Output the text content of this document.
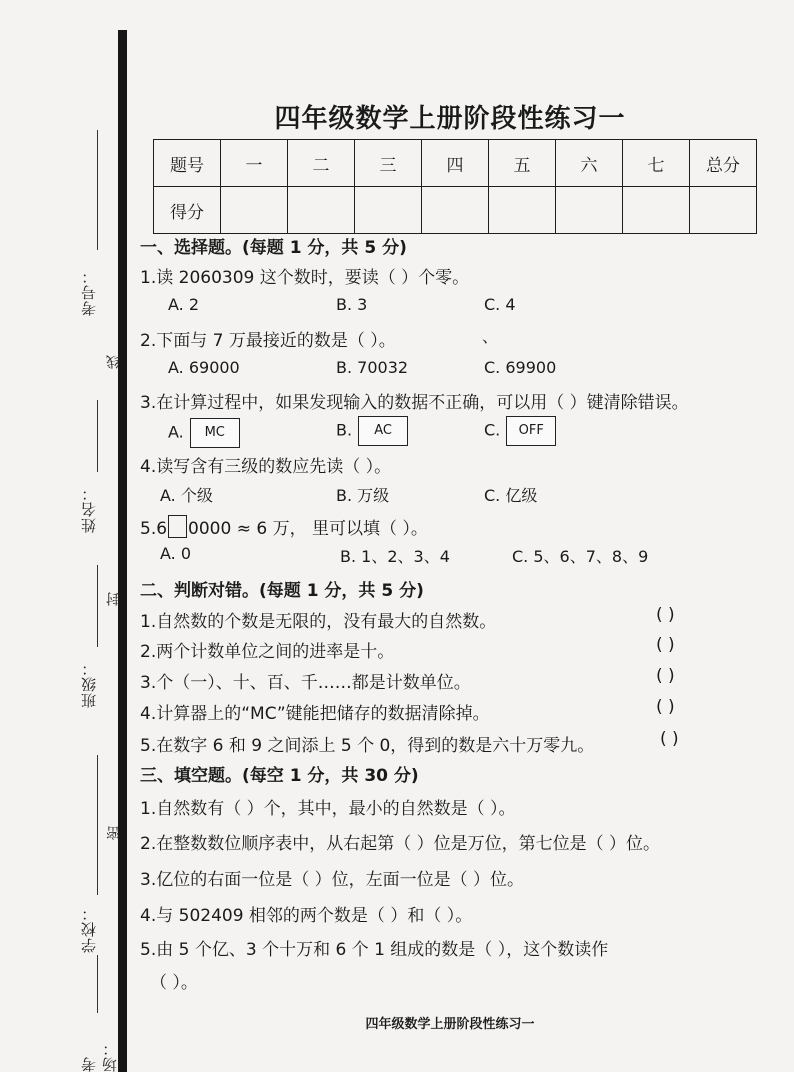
考号：
线
姓名：
封
班级：
密
学校：
考场：
四年级数学上册阶段性练习一
题号	一	二	三	四	五	六	七	总分
得分								
一、选择题。(每题 1 分，共 5 分)
1.读 2060309 这个数时，要读（ ）个零。
A. 2	B. 3	C. 4
2.下面与 7 万最接近的数是（ ）。	、
A. 69000	B. 70032	C. 69900
3.在计算过程中，如果发现输入的数据不正确，可以用（ ）键清除错误。
A. MC	B. AC	C. OFF
4.读写含有三级的数应先读（ ）。
A. 个级	B. 万级	C. 亿级
5.6 0000 ≈ 6 万， 里可以填（ ）。
A. 0	B. 1、2、3、4	C. 5、6、7、8、9
二、判断对错。(每题 1 分，共 5 分)
1.自然数的个数是无限的，没有最大的自然数。	( )
2.两个计数单位之间的进率是十。	( )
3.个（一）、十、百、千……都是计数单位。	( )
4.计算器上的“MC”键能把储存的数据清除掉。	( )
5.在数字 6 和 9 之间添上 5 个 0，得到的数是六十万零九。	( )
三、填空题。(每空 1 分，共 30 分)
1.自然数有（ ）个，其中，最小的自然数是（ ）。
2.在整数数位顺序表中，从右起第（ ）位是万位，第七位是（ ）位。
3.亿位的右面一位是（ ）位，左面一位是（ ）位。
4.与 502409 相邻的两个数是（ ）和（ ）。
5.由 5 个亿、3 个十万和 6 个 1 组成的数是（ ），这个数读作
（ ）。
四年级数学上册阶段性练习一
